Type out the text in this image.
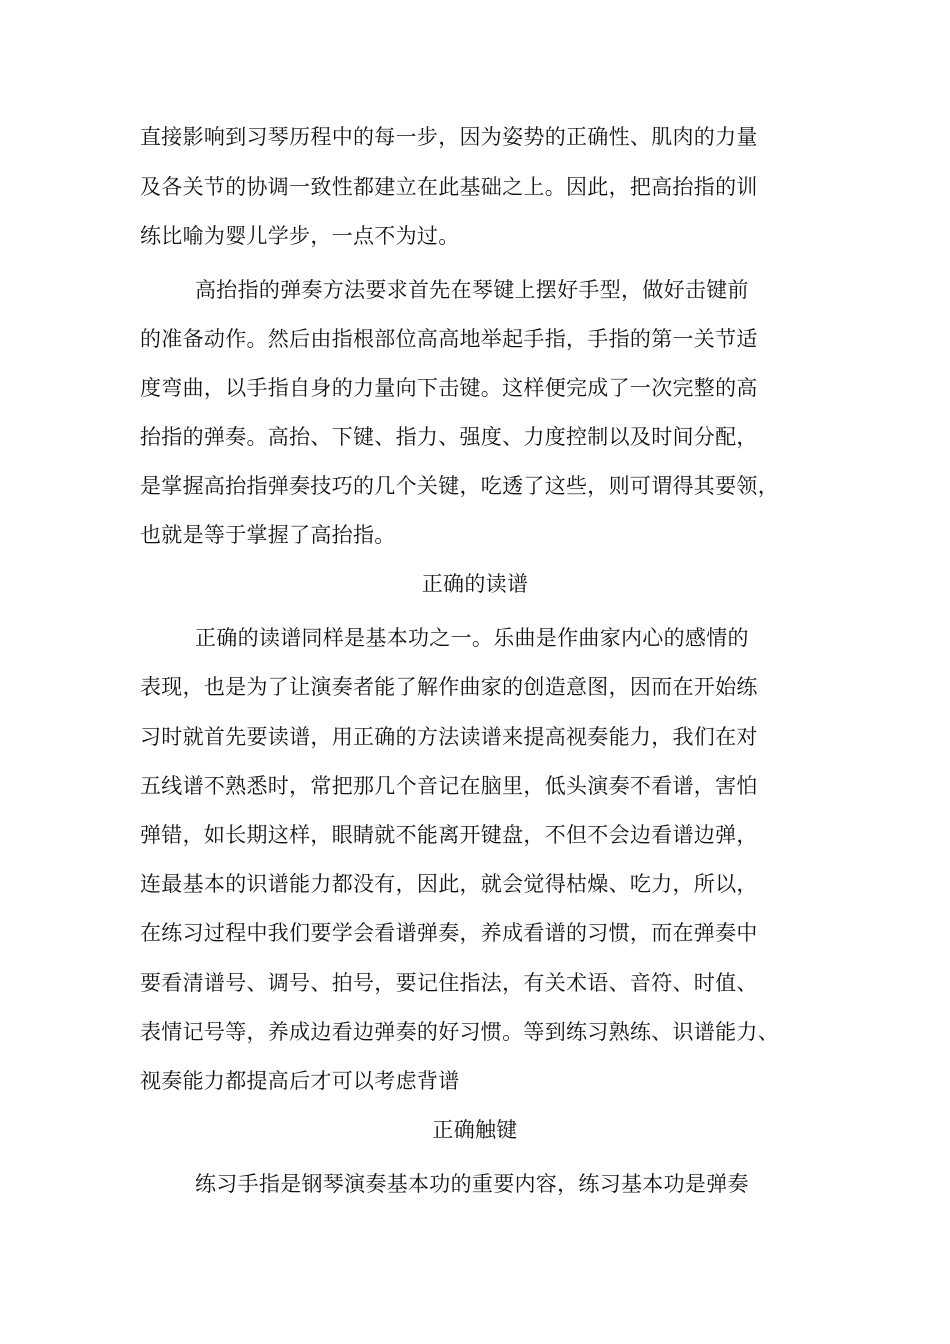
直接影响到习琴历程中的每一步，因为姿势的正确性、肌肉的力量
及各关节的协调一致性都建立在此基础之上。因此，把高抬指的训
练比喻为婴儿学步，一点不为过。
高抬指的弹奏方法要求首先在琴键上摆好手型，做好击键前
的准备动作。然后由指根部位高高地举起手指，手指的第一关节适
度弯曲，以手指自身的力量向下击键。这样便完成了一次完整的高
抬指的弹奏。高抬、下键、指力、强度、力度控制以及时间分配，
是掌握高抬指弹奏技巧的几个关键，吃透了这些，则可谓得其要领，
也就是等于掌握了高抬指。
正确的读谱
正确的读谱同样是基本功之一。乐曲是作曲家内心的感情的
表现，也是为了让演奏者能了解作曲家的创造意图，因而在开始练
习时就首先要读谱，用正确的方法读谱来提高视奏能力，我们在对
五线谱不熟悉时，常把那几个音记在脑里，低头演奏不看谱，害怕
弹错，如长期这样，眼睛就不能离开键盘，不但不会边看谱边弹，
连最基本的识谱能力都没有，因此，就会觉得枯燥、吃力，所以，
在练习过程中我们要学会看谱弹奏，养成看谱的习惯，而在弹奏中
要看清谱号、调号、拍号，要记住指法，有关术语、音符、时值、
表情记号等，养成边看边弹奏的好习惯。等到练习熟练、识谱能力、
视奏能力都提高后才可以考虑背谱
正确触键
练习手指是钢琴演奏基本功的重要内容，练习基本功是弹奏
